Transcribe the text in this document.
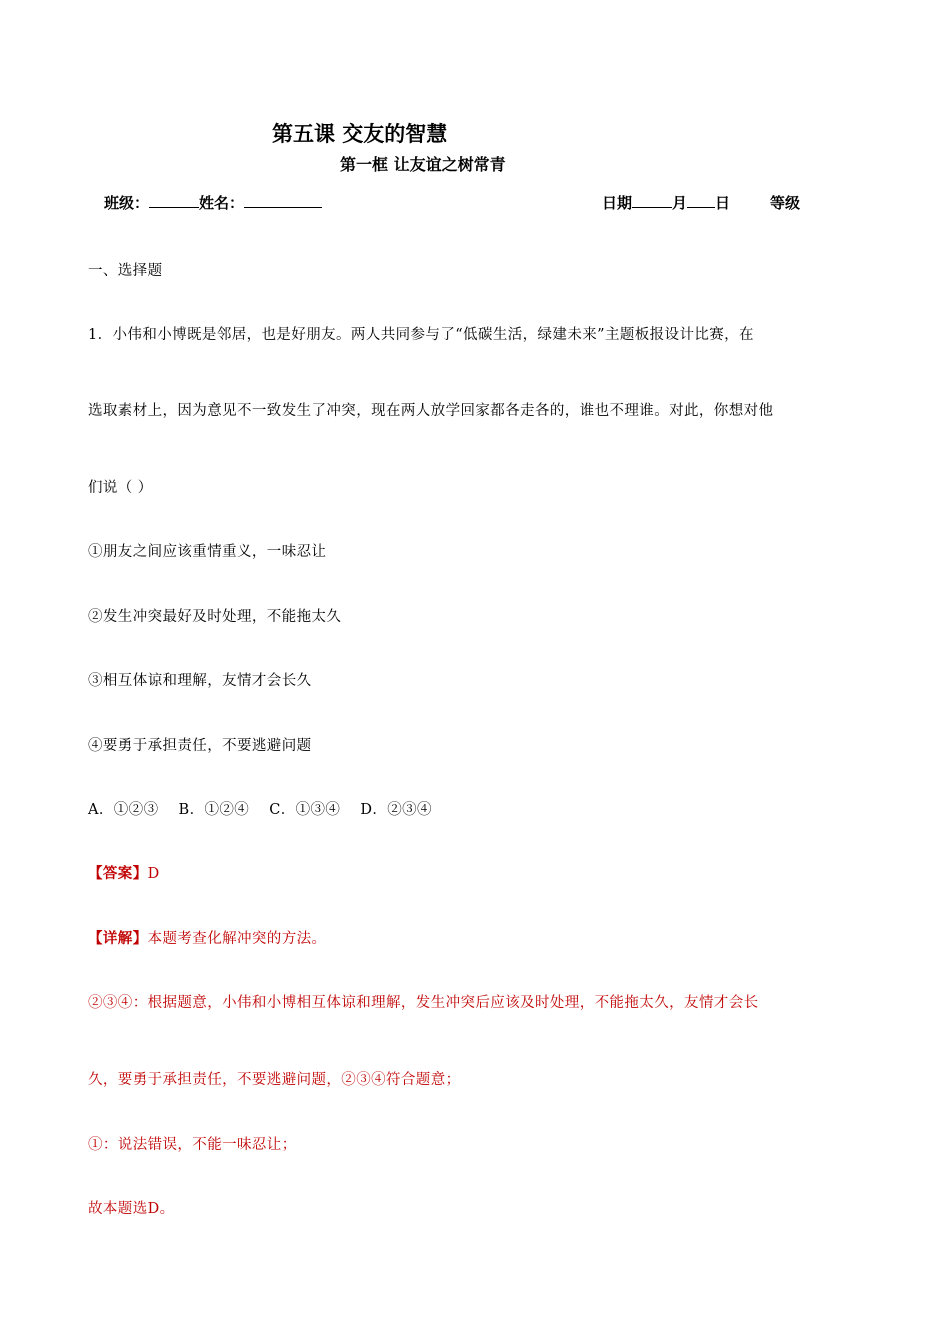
第五课 交友的智慧
第一框 让友谊之树常青
班级：	姓名：	日期	月 日	等级
一、选择题
1．小伟和小博既是邻居，也是好朋友。两人共同参与了“低碳生活，绿建未来”主题板报设计比赛，在
选取素材上，因为意见不一致发生了冲突，现在两人放学回家都各走各的，谁也不理谁。对此，你想对他
们说（ ）
①朋友之间应该重情重义，一味忍让
②发生冲突最好及时处理，不能拖太久
③相互体谅和理解，友情才会长久
④要勇于承担责任，不要逃避问题
A．①②③    B．①②④    C．①③④    D．②③④
【答案】D
【详解】本题考查化解冲突的方法。
②③④：根据题意，小伟和小博相互体谅和理解，发生冲突后应该及时处理，不能拖太久，友情才会长
久，要勇于承担责任，不要逃避问题，②③④符合题意；
①：说法错误，不能一味忍让；
故本题选D。
